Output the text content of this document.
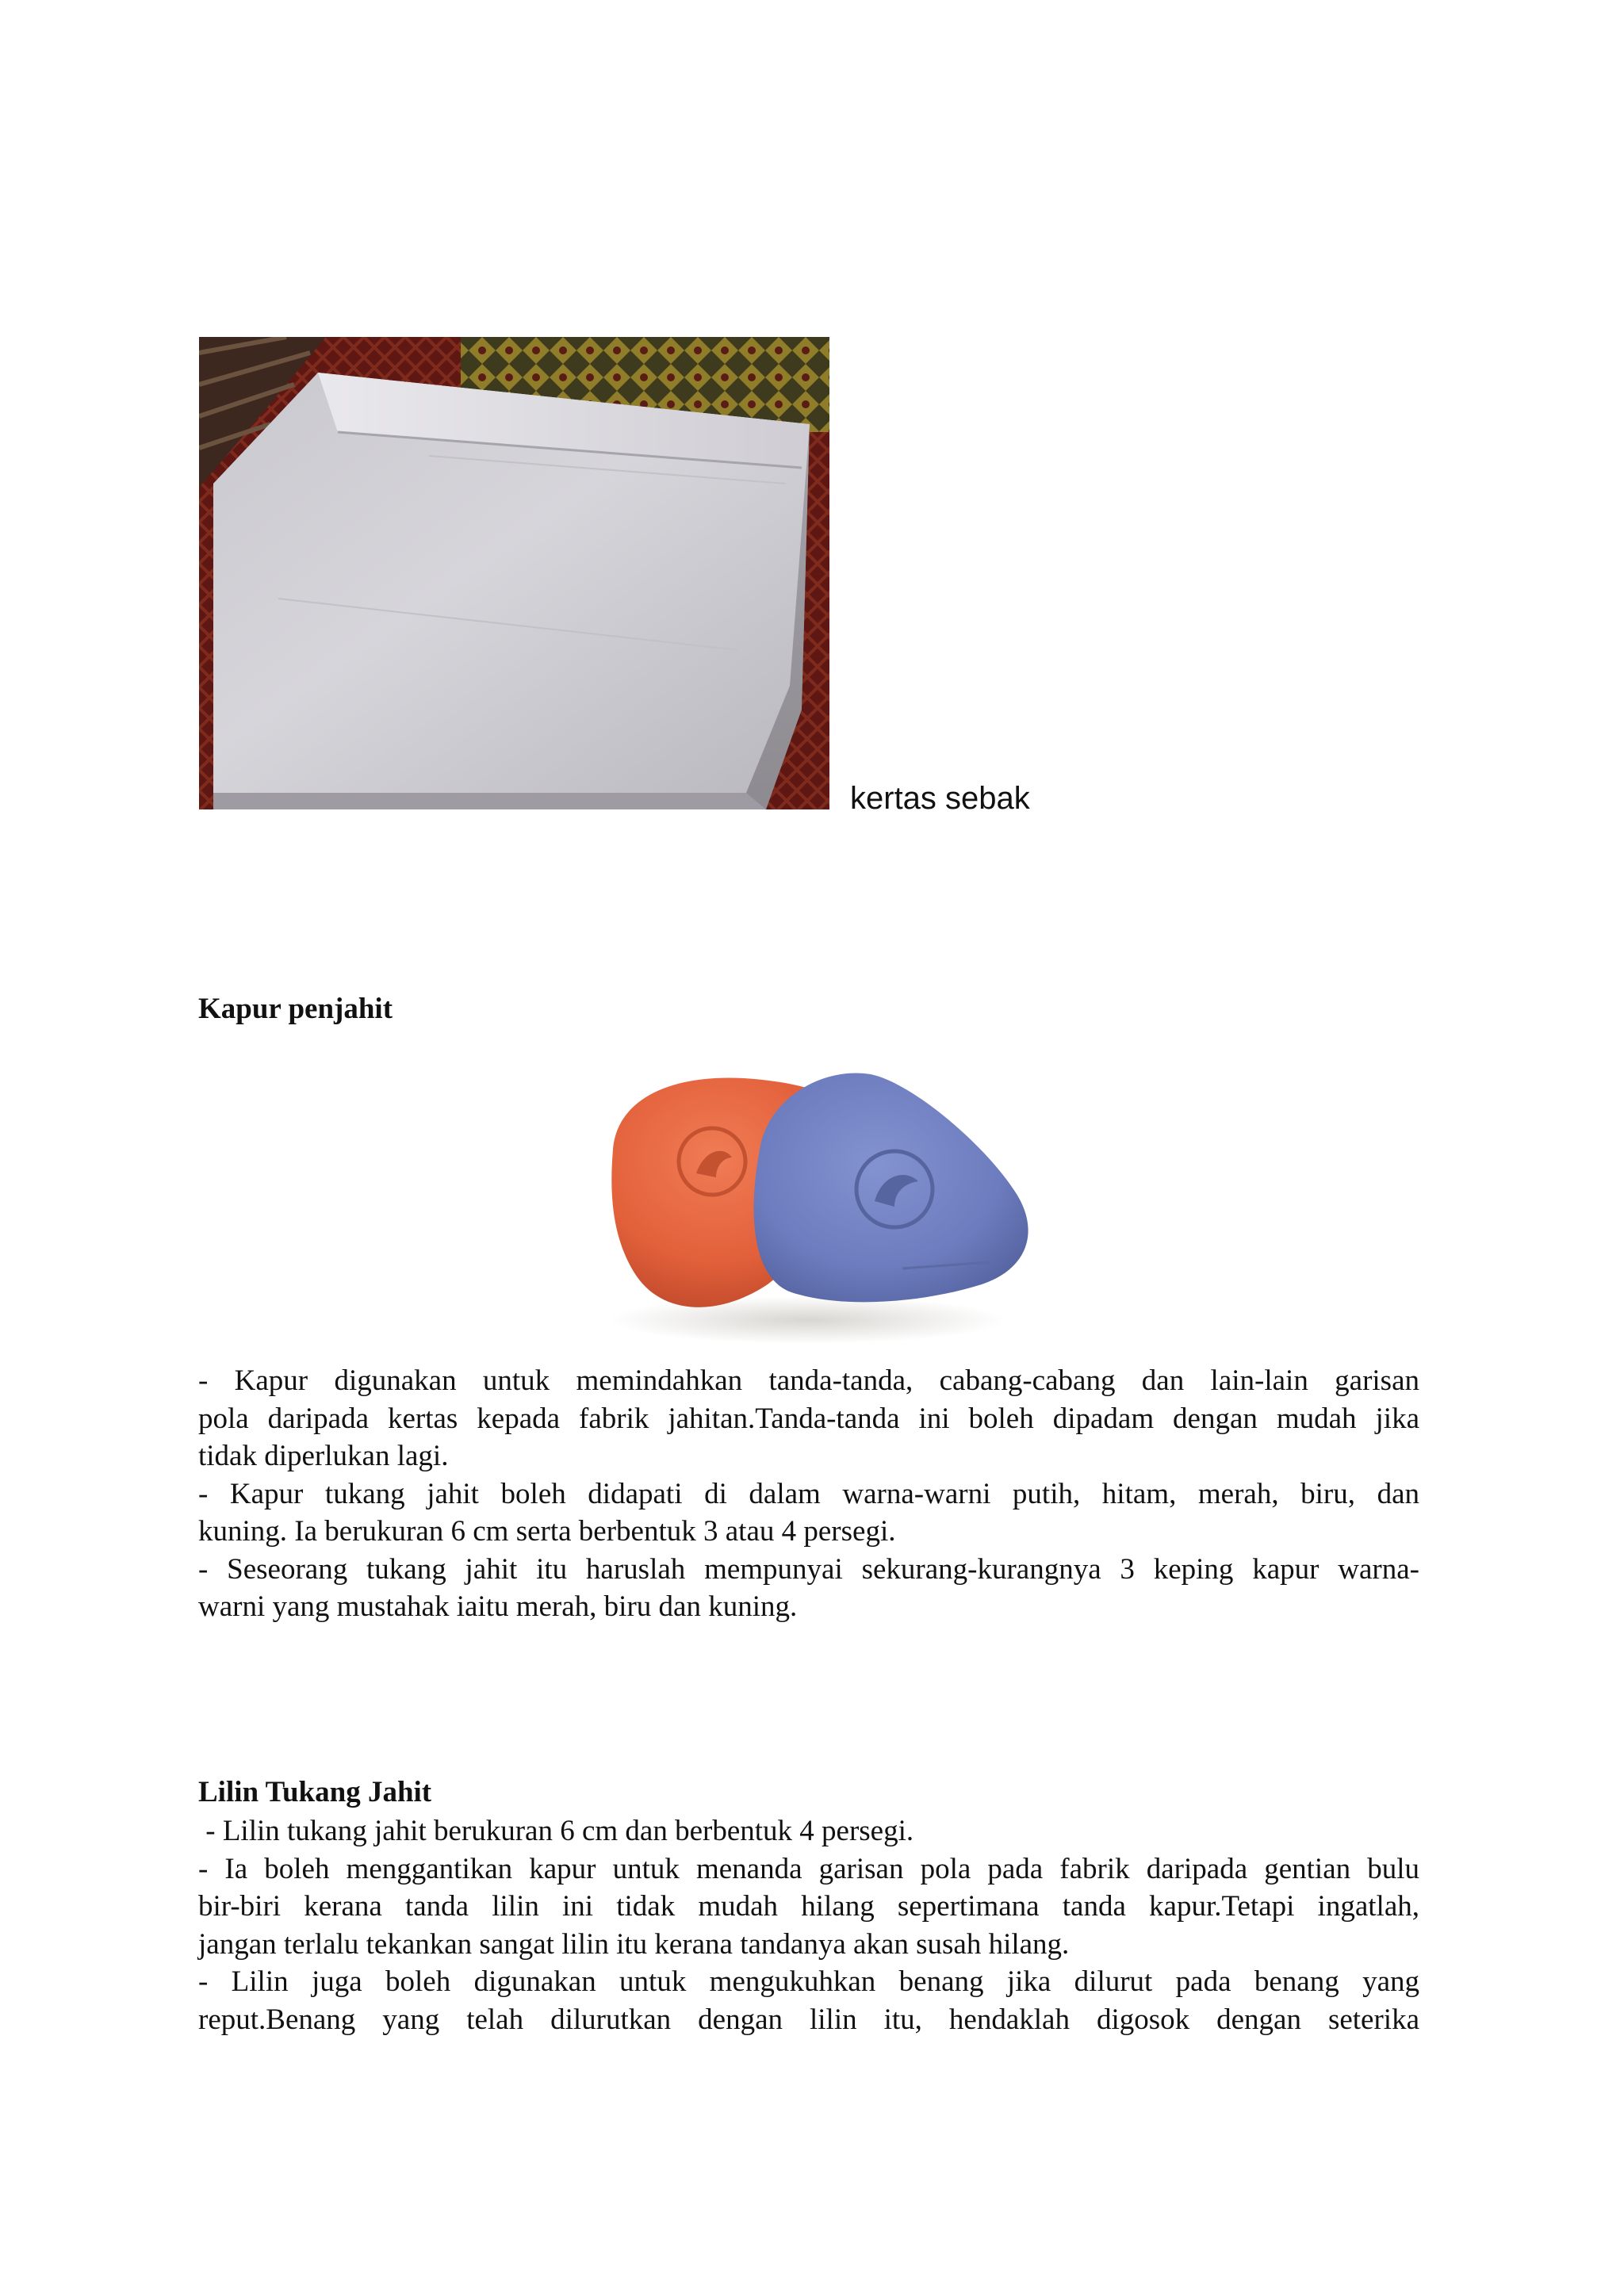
kertas sebak
Kapur penjahit

- Kapur digunakan untuk memindahkan tanda-tanda, cabang-cabang dan lain-lain garisan
pola daripada kertas kepada fabrik jahitan.Tanda-tanda ini boleh dipadam dengan mudah jika
tidak diperlukan lagi.

- Kapur tukang jahit boleh didapati di dalam warna-warni putih, hitam, merah, biru, dan
kuning. Ia berukuran 6 cm serta berbentuk 3 atau 4 persegi.

- Seseorang tukang jahit itu haruslah mempunyai sekurang-kurangnya 3 keping kapur warna-
warni yang mustahak iaitu merah, biru dan kuning.

Lilin Tukang Jahit

- Lilin tukang jahit berukuran 6 cm dan berbentuk 4 persegi.

- Ia boleh menggantikan kapur untuk menanda garisan pola pada fabrik daripada gentian bulu
bir-biri kerana tanda lilin ini tidak mudah hilang sepertimana tanda kapur.Tetapi ingatlah,
jangan terlalu tekankan sangat lilin itu kerana tandanya akan susah hilang.

- Lilin juga boleh digunakan untuk mengukuhkan benang jika dilurut pada benang yang
reput.Benang yang telah dilurutkan dengan lilin itu, hendaklah digosok dengan seterika
